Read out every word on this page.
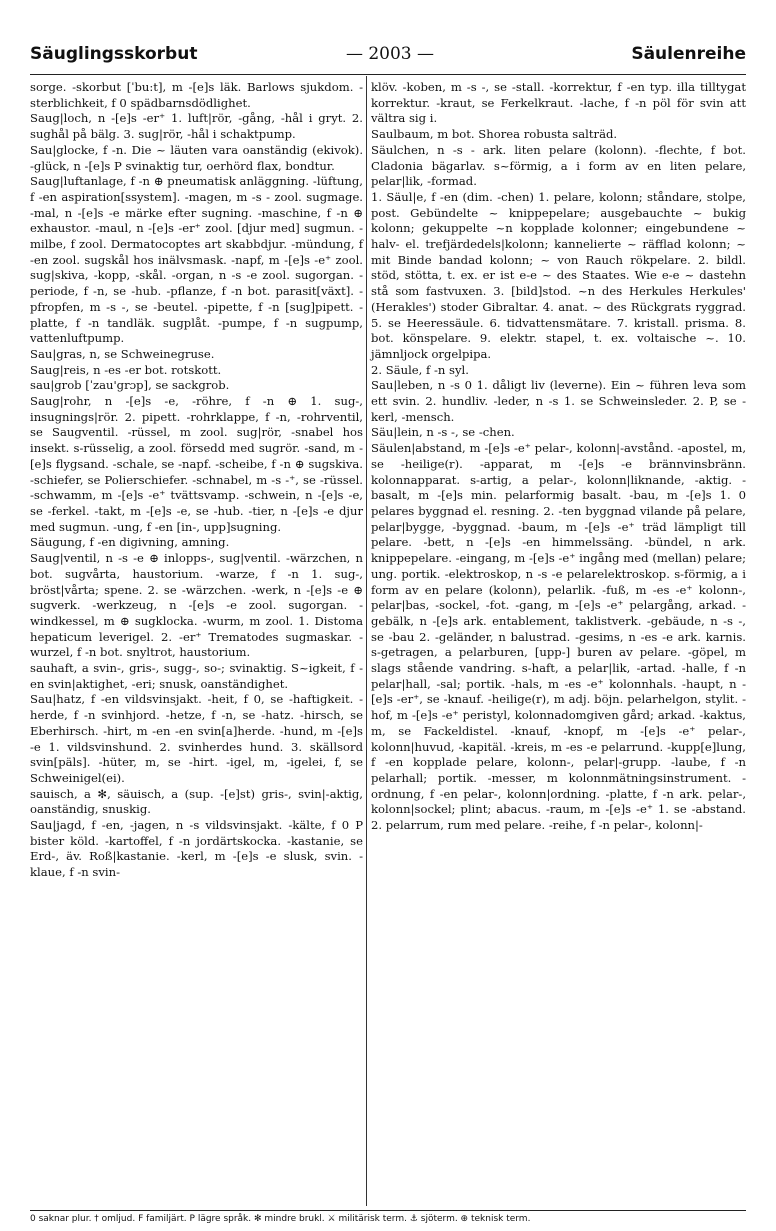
Säuglingsskorbut	— 2003 —	Säulenreihe

sorge. -skorbut [ˈbu:t], m -[e]s läk. Barlows sjukdom. -sterblichkeit, f 0 spädbarnsdödlighet.

Saug|loch, n -[e]s -er⁺ 1. luft|rör, -gång, -hål i gryt. 2. sughål på bälg. 3. sug|rör, -hål i schaktpump.

Sau|glocke, f -n. Die ~ läuten vara oanständig (ekivok). -glück, n -[e]s P svinaktig tur, oerhörd flax, bondtur.

Saug|luftanlage, f -n ⊕ pneumatisk anläggning. -lüftung, f -en aspiration[ssystem]. -magen, m -s - zool. sugmage. -mal, n -[e]s -e märke efter sugning. -maschine, f -n ⊕ exhaustor. -maul, n -[e]s -er⁺ zool. [djur med] sugmun. -milbe, f zool. Dermatocoptes art skabbdjur. -mündung, f -en zool. sugskål hos inälvsmask. -napf, m -[e]s -e⁺ zool. sug|skiva, -kopp, -skål. -organ, n -s -e zool. sugorgan. -periode, f -n, se -hub. -pflanze, f -n bot. parasit[växt]. -pfropfen, m -s -, se -beutel. -pipette, f -n [sug]pipett. -platte, f -n tandläk. sugplåt. -pumpe, f -n sugpump, vattenluftpump.

Sau|gras, n, se Schweinegruse.

Saug|reis, n -es -er bot. rotskott.

sau|grob [ˈzau'grɔp], se sackgrob.

Saug|rohr, n -[e]s -e, -röhre, f -n ⊕ 1. sug-, insugnings|rör. 2. pipett. -rohrklappe, f -n, -rohrventil, se Saugventil. -rüssel, m zool. sug|rör, -snabel hos insekt. s-rüsselig, a zool. försedd med sugrör. -sand, m -[e]s flygsand. -schale, se -napf. -scheibe, f -n ⊕ sugskiva. -schiefer, se Polierschiefer. -schnabel, m -s -⁺, se -rüssel. -schwamm, m -[e]s -e⁺ tvättsvamp. -schwein, n -[e]s -e, se -ferkel. -takt, m -[e]s -e, se -hub. -tier, n -[e]s -e djur med sugmun. -ung, f -en [in-, upp]sugning.

Säugung, f -en digivning, amning.

Saug|ventil, n -s -e ⊕ inlopps-, sug|ventil. -wärzchen, n bot. sugvårta, haustorium. -warze, f -n 1. sug-, bröst|vårta; spene. 2. se -wärzchen. -werk, n -[e]s -e ⊕ sugverk. -werkzeug, n -[e]s -e zool. sugorgan. -windkessel, m ⊕ sugklocka. -wurm, m zool. 1. Distoma hepaticum leverigel. 2. -er⁺ Trematodes sugmaskar. -wurzel, f -n bot. snyltrot, haustorium.

sauhaft, a svin-, gris-, sugg-, so-; svinaktig. S~igkeit, f -en svin|aktighet, -eri; snusk, oanständighet.

Sau|hatz, f -en vildsvinsjakt. -heit, f 0, se -haftigkeit. -herde, f -n svinhjord. -hetze, f -n, se -hatz. -hirsch, se Eberhirsch. -hirt, m -en -en svin[a]herde. -hund, m -[e]s -e 1. vildsvinshund. 2. svinherdes hund. 3. skällsord svin[päls]. -hüter, m, se -hirt. -igel, m, -igelei, f, se Schweinigel(ei).

sauisch, a ✻, säuisch, a (sup. -[e]st) gris-, svin|-aktig, oanständig, snuskig.

Sau|jagd, f -en, -jagen, n -s vildsvinsjakt. -kälte, f 0 P bister köld. -kartoffel, f -n jordärtskocka. -kastanie, se Erd-, äv. Roß|kastanie. -kerl, m -[e]s -e slusk, svin. -klaue, f -n svin-

klöv. -koben, m -s -, se -stall. -korrektur, f -en typ. illa tilltygat korrektur. -kraut, se Ferkelkraut. -lache, f -n pöl för svin att vältra sig i.

Saulbaum, m bot. Shorea robusta salträd.

Säulchen, n -s - ark. liten pelare (kolonn). -flechte, f bot. Cladonia bägarlav. s~förmig, a i form av en liten pelare, pelar|lik, -formad.

1. Säul|e, f -en (dim. -chen) 1. pelare, kolonn; ståndare, stolpe, post. Gebündelte ~ knippepelare; ausgebauchte ~ bukig kolonn; gekuppelte ~n kopplade kolonner; eingebundene ~ halv- el. trefjärdedels|kolonn; kannelierte ~ räfflad kolonn; ~ mit Binde bandad kolonn; ~ von Rauch rökpelare. 2. bildl. stöd, stötta, t. ex. er ist e-e ~ des Staates. Wie e-e ~ dastehn stå som fastvuxen. 3. [bild]stod. ~n des Herkules Herkules' (Herakles') stoder Gibraltar. 4. anat. ~ des Rückgrats ryggrad. 5. se Heeressäule. 6. tidvattensmätare. 7. kristall. prisma. 8. bot. könspelare. 9. elektr. stapel, t. ex. voltaische ~. 10. jämnljock orgelpipa.

2. Säule, f -n syl.

Sau|leben, n -s 0 1. dåligt liv (leverne). Ein ~ führen leva som ett svin. 2. hundliv. -leder, n -s 1. se Schweinsleder. 2. P, se -kerl, -mensch.

Säu|lein, n -s -, se -chen.

Säulen|abstand, m -[e]s -e⁺ pelar-, kolonn|-avstånd. -apostel, m, se -heilige(r). -apparat, m -[e]s -e brännvinsbränn. kolonnapparat. s-artig, a pelar-, kolonn|liknande, -aktig. -basalt, m -[e]s min. pelarformig basalt. -bau, m -[e]s 1. 0 pelares byggnad el. resning. 2. -ten byggnad vilande på pelare, pelar|bygge, -byggnad. -baum, m -[e]s -e⁺ träd lämpligt till pelare. -bett, n -[e]s -en himmelssäng. -bündel, n ark. knippepelare. -eingang, m -[e]s -e⁺ ingång med (mellan) pelare; ung. portik. -elektroskop, n -s -e pelarelektroskop. s-förmig, a i form av en pelare (kolonn), pelarlik. -fuß, m -es -e⁺ kolonn-, pelar|bas, -sockel, -fot. -gang, m -[e]s -e⁺ pelargång, arkad. -gebälk, n -[e]s ark. entablement, taklistverk. -gebäude, n -s -, se -bau 2. -geländer, n balustrad. -gesims, n -es -e ark. karnis. s-getragen, a pelarburen, [upp-] buren av pelare. -göpel, m slags stående vandring. s-haft, a pelar|lik, -artad. -halle, f -n pelar|hall, -sal; portik. -hals, m -es -e⁺ kolonnhals. -haupt, n -[e]s -er⁺, se -knauf. -heilige(r), m adj. böjn. pelarhelgon, stylit. -hof, m -[e]s -e⁺ peristyl, kolonnadomgiven gård; arkad. -kaktus, m, se Fackeldistel. -knauf, -knopf, m -[e]s -e⁺ pelar-, kolonn|huvud, -kapitäl. -kreis, m -es -e pelarrund. -kupp[e]lung, f -en kopplade pelare, kolonn-, pelar|-grupp. -laube, f -n pelarhall; portik. -messer, m kolonnmätningsinstrument. -ordnung, f -en pelar-, kolonn|ordning. -platte, f -n ark. pelar-, kolonn|sockel; plint; abacus. -raum, m -[e]s -e⁺ 1. se -abstand. 2. pelarrum, rum med pelare. -reihe, f -n pelar-, kolonn|-

0 saknar plur. † omljud. F familjärt. P lägre språk. ✻ mindre brukl. ⚔ militärisk term. ⚓ sjöterm. ⊕ teknisk term.
